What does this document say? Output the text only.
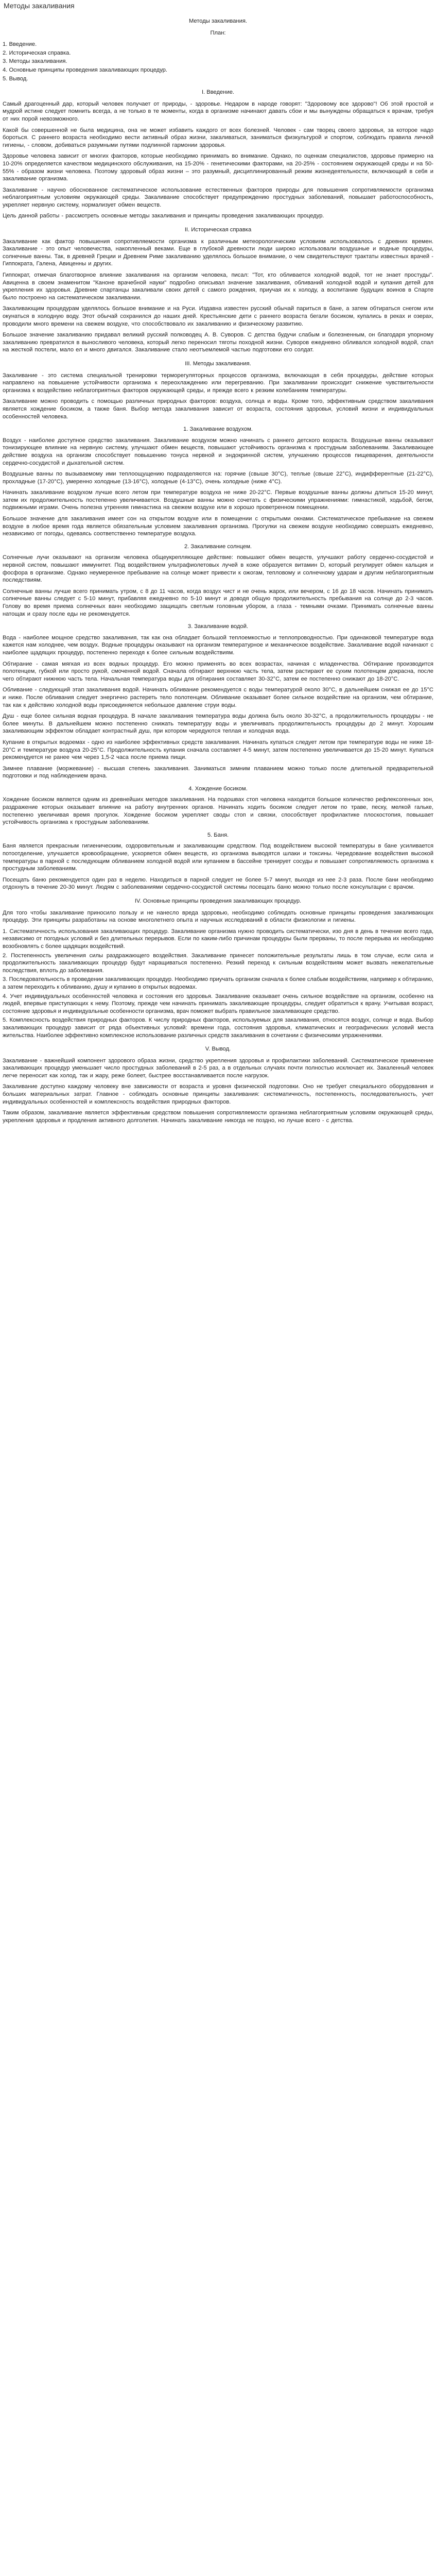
Методы закаливания
Методы закаливания.
План:
1. Введение.
2. Историческая справка.
3. Методы закаливания.
4. Основные принципы проведения закаливающих процедур.
5. Вывод.
I. Введение.

Самый драгоценный дар, который человек получает от природы, - здоровье. Недаром в народе говорят: "Здоровому все здорово"! Об этой простой и мудрой истине следует помнить всегда, а не только в те моменты, когда в организме начинают давать сбои и мы вынуждены обращаться к врачам, требуя от них порой невозможного.

Какой бы совершенной не была медицина, она не может избавить каждого от всех болезней. Человек - сам творец своего здоровья, за которое надо бороться. С раннего возраста необходимо вести активный образ жизни, закаливаться, заниматься физкультурой и спортом, соблюдать правила личной гигиены, - словом, добиваться разумными путями подлинной гармонии здоровья.

Здоровье человека зависит от многих факторов, которые необходимо принимать во внимание. Однако, по оценкам специалистов, здоровье примерно на 10-20% определяется качеством медицинского обслуживания, на 15-20% - генетическими факторами, на 20-25% - состоянием окружающей среды и на 50-55% - образом жизни человека. Поэтому здоровый образ жизни – это разумный, дисциплинированный режим жизнедеятельности, включающий в себя и закаливание организма.

Закаливание - научно обоснованное систематическое использование естественных факторов природы для повышения сопротивляемости организма неблагоприятным условиям окружающей среды. Закаливание способствует предупреждению простудных заболеваний, повышает работоспособность, укрепляет нервную систему, нормализует обмен веществ.

Цель данной работы - рассмотреть основные методы закаливания и принципы проведения закаливающих процедур.

II. Историческая справка

Закаливание как фактор повышения сопротивляемости организма к различным метеорологическим условиям использовалось с древних времен. Закаливание - это опыт человечества, накопленный веками. Еще в глубокой древности люди широко использовали воздушные и водные процедуры, солнечные ванны. Так, в древней Греции и Древнем Риме закаливанию уделялось большое внимание, о чем свидетельствуют трактаты известных врачей - Гиппократа, Галена, Авиценны и других.

Гиппократ, отмечая благотворное влияние закаливания на организм человека, писал: "Тот, кто обливается холодной водой, тот не знает простуды". Авиценна в своем знаменитом "Каноне врачебной науки" подробно описывал значение закаливания, обливаний холодной водой и купания детей для укрепления их здоровья. Древние спартанцы закаливали своих детей с самого рождения, приучая их к холоду, а воспитание будущих воинов в Спарте было построено на систематическом закаливании.

Закаливающим процедурам уделялось большое внимание и на Руси. Издавна известен русский обычай париться в бане, а затем обтираться снегом или окунаться в холодную воду. Этот обычай сохранился до наших дней. Крестьянские дети с раннего возраста бегали босиком, купались в реках и озерах, проводили много времени на свежем воздухе, что способствовало их закаливанию и физическому развитию.

Большое значение закаливанию придавал великий русский полководец А. В. Суворов. С детства будучи слабым и болезненным, он благодаря упорному закаливанию превратился в выносливого человека, который легко переносил тяготы походной жизни. Суворов ежедневно обливался холодной водой, спал на жесткой постели, мало ел и много двигался. Закаливание стало неотъемлемой частью подготовки его солдат.

III. Методы закаливания.

Закаливание - это система специальной тренировки терморегуляторных процессов организма, включающая в себя процедуры, действие которых направлено на повышение устойчивости организма к переохлаждению или перегреванию. При закаливании происходит снижение чувствительности организма к воздействию неблагоприятных факторов окружающей среды, и прежде всего к резким колебаниям температуры.

Закаливание можно проводить с помощью различных природных факторов: воздуха, солнца и воды. Кроме того, эффективным средством закаливания является хождение босиком, а также баня. Выбор метода закаливания зависит от возраста, состояния здоровья, условий жизни и индивидуальных особенностей человека.

1. Закаливание воздухом.

Воздух - наиболее доступное средство закаливания. Закаливание воздухом можно начинать с раннего детского возраста. Воздушные ванны оказывают тонизирующее влияние на нервную систему, улучшают обмен веществ, повышают устойчивость организма к простудным заболеваниям. Закаливающее действие воздуха на организм способствует повышению тонуса нервной и эндокринной систем, улучшению процессов пищеварения, деятельности сердечно-сосудистой и дыхательной систем.

Воздушные ванны по вызываемому ими теплоощущению подразделяются на: горячие (свыше 30°C), теплые (свыше 22°C), индифферентные (21-22°C), прохладные (17-20°C), умеренно холодные (13-16°C), холодные (4-13°C), очень холодные (ниже 4°C).

Начинать закаливание воздухом лучше всего летом при температуре воздуха не ниже 20-22°C. Первые воздушные ванны должны длиться 15-20 минут, затем их продолжительность постепенно увеличивается. Воздушные ванны можно сочетать с физическими упражнениями: гимнастикой, ходьбой, бегом, подвижными играми. Очень полезна утренняя гимнастика на свежем воздухе или в хорошо проветренном помещении.

Большое значение для закаливания имеет сон на открытом воздухе или в помещении с открытыми окнами. Систематическое пребывание на свежем воздухе в любое время года является обязательным условием закаливания организма. Прогулки на свежем воздухе необходимо совершать ежедневно, независимо от погоды, одеваясь соответственно температуре воздуха.

2. Закаливание солнцем.

Солнечные лучи оказывают на организм человека общеукрепляющее действие: повышают обмен веществ, улучшают работу сердечно-сосудистой и нервной систем, повышают иммунитет. Под воздействием ультрафиолетовых лучей в коже образуется витамин D, который регулирует обмен кальция и фосфора в организме. Однако неумеренное пребывание на солнце может привести к ожогам, тепловому и солнечному ударам и другим неблагоприятным последствиям.

Солнечные ванны лучше всего принимать утром, с 8 до 11 часов, когда воздух чист и не очень жарок, или вечером, с 16 до 18 часов. Начинать принимать солнечные ванны следует с 5-10 минут, прибавляя ежедневно по 5-10 минут и доводя общую продолжительность пребывания на солнце до 2-3 часов. Голову во время приема солнечных ванн необходимо защищать светлым головным убором, а глаза - темными очками. Принимать солнечные ванны натощак и сразу после еды не рекомендуется.

3. Закаливание водой.

Вода - наиболее мощное средство закаливания, так как она обладает большой теплоемкостью и теплопроводностью. При одинаковой температуре вода кажется нам холоднее, чем воздух. Водные процедуры оказывают на организм температурное и механическое воздействие. Закаливание водой начинают с наиболее щадящих процедур, постепенно переходя к более сильным воздействиям.

Обтирание - самая мягкая из всех водных процедур. Его можно применять во всех возрастах, начиная с младенчества. Обтирание производится полотенцем, губкой или просто рукой, смоченной водой. Сначала обтирают верхнюю часть тела, затем растирают ее сухим полотенцем докрасна, после чего обтирают нижнюю часть тела. Начальная температура воды для обтирания составляет 30-32°C, затем ее постепенно снижают до 18-20°C.

Обливание - следующий этап закаливания водой. Начинать обливание рекомендуется с воды температурой около 30°C, в дальнейшем снижая ее до 15°C и ниже. После обливания следует энергично растереть тело полотенцем. Обливание оказывает более сильное воздействие на организм, чем обтирание, так как к действию холодной воды присоединяется небольшое давление струи воды.

Душ - еще более сильная водная процедура. В начале закаливания температура воды должна быть около 30-32°C, а продолжительность процедуры - не более минуты. В дальнейшем можно постепенно снижать температуру воды и увеличивать продолжительность процедуры до 2 минут. Хорошим закаливающим эффектом обладает контрастный душ, при котором чередуются теплая и холодная вода.

Купание в открытых водоемах - одно из наиболее эффективных средств закаливания. Начинать купаться следует летом при температуре воды не ниже 18-20°C и температуре воздуха 20-25°C. Продолжительность купания сначала составляет 4-5 минут, затем постепенно увеличивается до 15-20 минут. Купаться рекомендуется не ранее чем через 1,5-2 часа после приема пищи.

Зимнее плавание (моржевание) - высшая степень закаливания. Заниматься зимним плаванием можно только после длительной предварительной подготовки и под наблюдением врача.

4. Хождение босиком.

Хождение босиком является одним из древнейших методов закаливания. На подошвах стоп человека находится большое количество рефлексогенных зон, раздражение которых оказывает влияние на работу внутренних органов. Начинать ходить босиком следует летом по траве, песку, мелкой гальке, постепенно увеличивая время прогулок. Хождение босиком укрепляет своды стоп и связки, способствует профилактике плоскостопия, повышает устойчивость организма к простудным заболеваниям.

5. Баня.

Баня является прекрасным гигиеническим, оздоровительным и закаливающим средством. Под воздействием высокой температуры в бане усиливается потоотделение, улучшается кровообращение, ускоряется обмен веществ, из организма выводятся шлаки и токсины. Чередование воздействия высокой температуры в парной с последующим обливанием холодной водой или купанием в бассейне тренирует сосуды и повышает сопротивляемость организма к простудным заболеваниям.

Посещать баню рекомендуется один раз в неделю. Находиться в парной следует не более 5-7 минут, выходя из нее 2-3 раза. После бани необходимо отдохнуть в течение 20-30 минут. Людям с заболеваниями сердечно-сосудистой системы посещать баню можно только после консультации с врачом.

IV. Основные принципы проведения закаливающих процедур.

Для того чтобы закаливание приносило пользу и не нанесло вреда здоровью, необходимо соблюдать основные принципы проведения закаливающих процедур. Эти принципы разработаны на основе многолетнего опыта и научных исследований в области физиологии и гигиены.

1. Систематичность использования закаливающих процедур. Закаливание организма нужно проводить систематически, изо дня в день в течение всего года, независимо от погодных условий и без длительных перерывов. Если по каким-либо причинам процедуры были прерваны, то после перерыва их необходимо возобновлять с более щадящих воздействий.
2. Постепенность увеличения силы раздражающего воздействия. Закаливание принесет положительные результаты лишь в том случае, если сила и продолжительность закаливающих процедур будут наращиваться постепенно. Резкий переход к сильным воздействиям может вызвать нежелательные последствия, вплоть до заболевания.
3. Последовательность в проведении закаливающих процедур. Необходимо приучать организм сначала к более слабым воздействиям, например к обтиранию, а затем переходить к обливанию, душу и купанию в открытых водоемах.
4. Учет индивидуальных особенностей человека и состояния его здоровья. Закаливание оказывает очень сильное воздействие на организм, особенно на людей, впервые приступающих к нему. Поэтому, прежде чем начинать принимать закаливающие процедуры, следует обратиться к врачу. Учитывая возраст, состояние здоровья и индивидуальные особенности организма, врач поможет выбрать правильное закаливающее средство.
5. Комплексность воздействия природных факторов. К числу природных факторов, используемых для закаливания, относятся воздух, солнце и вода. Выбор закаливающих процедур зависит от ряда объективных условий: времени года, состояния здоровья, климатических и географических условий места жительства. Наиболее эффективно комплексное использование различных средств закаливания в сочетании с физическими упражнениями.
V. Вывод.

Закаливание - важнейший компонент здорового образа жизни, средство укрепления здоровья и профилактики заболеваний. Систематическое применение закаливающих процедур уменьшает число простудных заболеваний в 2-5 раз, а в отдельных случаях почти полностью исключает их. Закаленный человек легче переносит как холод, так и жару, реже болеет, быстрее восстанавливается после нагрузок.

Закаливание доступно каждому человеку вне зависимости от возраста и уровня физической подготовки. Оно не требует специального оборудования и больших материальных затрат. Главное - соблюдать основные принципы закаливания: систематичность, постепенность, последовательность, учет индивидуальных особенностей и комплексность воздействия природных факторов.

Таким образом, закаливание является эффективным средством повышения сопротивляемости организма неблагоприятным условиям окружающей среды, укрепления здоровья и продления активного долголетия. Начинать закаливание никогда не поздно, но лучше всего - с детства.
